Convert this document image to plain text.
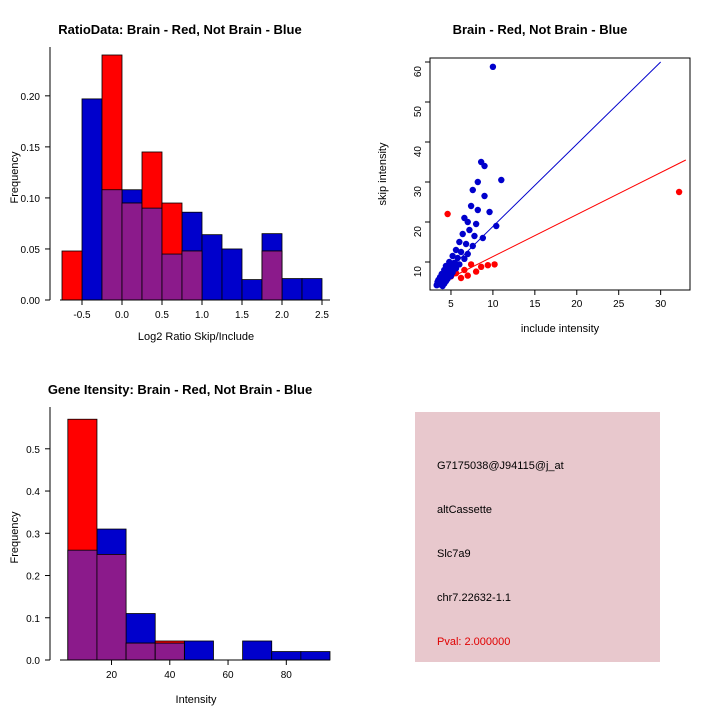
RatioData: Brain - Red, Not Brain - Blue
-0.5 0.0	0.5	1.0	1.5	2.0	2.5
0.00
0.05
0.10
0.15
0.20
Log2 Ratio Skip/Include
Frequency
Brain - Red, Not Brain - Blue
5	10	15	20	25	30
10
20
30
40
50
60
include intensity
skip intensity
Gene Itensity: Brain - Red, Not Brain - Blue
20	40	60	80
0.0
0.1
0.2
0.3
0.4
0.5
Intensity
Frequency
G7175038@J94115@j_at
altCassette
Slc7a9
chr7.22632-1.1
Pval: 2.000000
